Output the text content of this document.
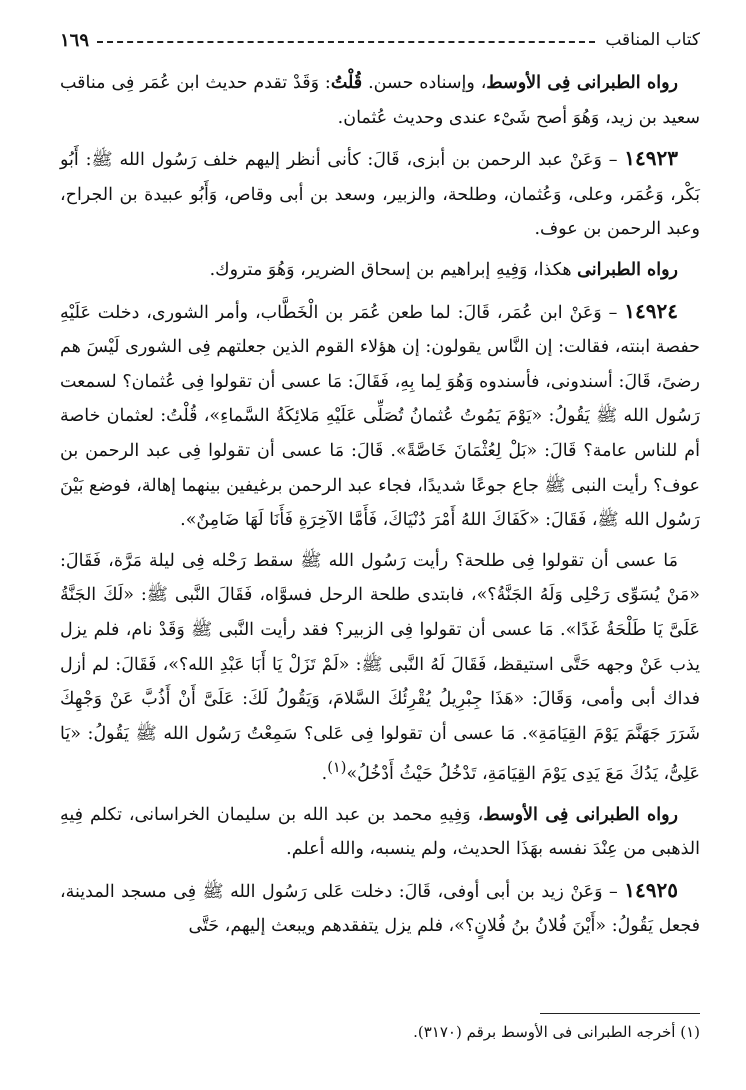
كتاب المناقب
١٦٩

رواه الطبرانى فِى الأوسط، وإسناده حسن. قُلْتُ: وَقَدْ تقدم حديث ابن عُمَر فِى مناقب سعيد بن زيد، وَهُوَ أصح شَىْء عندى وحديث عُثمان.

١٤٩٢٣ – وَعَنْ عبد الرحمن بن أبزى، قَالَ: كأنى أنظر إليهم خلف رَسُول الله ﷺ: أَبُو بَكْر، وَعُمَر، وعلى، وَعُثمان، وطلحة، والزبير، وسعد بن أبى وقاص، وَأَبُو عبيدة بن الجراح، وعبد الرحمن بن عوف.

رواه الطبرانى هكذا، وَفِيهِ إبراهيم بن إسحاق الضرير، وَهُوَ متروك.

١٤٩٢٤ – وَعَنْ ابن عُمَر، قَالَ: لما طعن عُمَر بن الْخَطَّاب، وأمر الشورى، دخلت عَلَيْهِ حفصة ابنته، فقالت: إن النَّاس يقولون: إن هؤلاء القوم الذين جعلتهم فِى الشورى لَيْسَ هم رضىً، قَالَ: أسندونى، فأسندوه وَهُوَ لِما بِهِ، فَقَالَ: مَا عسى أن تقولوا فِى عُثمان؟ لسمعت رَسُول الله ﷺ يَقُولُ: «يَوْمَ يَمُوتُ عُثمانُ تُصَلِّى عَلَيْهِ مَلائِكَةُ السَّماءِ»، قُلْتُ: لعثمان خاصة أم للناس عامة؟ قَالَ: «بَلْ لِعُثْمَانَ خَاصَّةً». قَالَ: مَا عسى أن تقولوا فِى عبد الرحمن بن عوف؟ رأيت النبى ﷺ جاع جوعًا شديدًا، فجاء عبد الرحمن برغيفين بينهما إهالة، فوضع بَيْنَ رَسُول الله ﷺ، فَقَالَ: «كَفَاكَ اللهُ أَمْرَ دُنْيَاكَ، فَأَمَّا الآخِرَةِ فَأَنَا لَهَا ضَامِنٌ».

مَا عسى أن تقولوا فِى طلحة؟ رأيت رَسُول الله ﷺ سقط رَحْله فِى ليلة مَرَّة، فَقَالَ: «مَنْ يُسَوِّى رَحْلِى وَلَهُ الجَنَّةُ؟»، فابتدى طلحة الرحل فسوَّاه، فَقَالَ النَّبى ﷺ: «لَكَ الجَنَّةُ عَلَىَّ يَا طَلْحَةُ غَدًا». مَا عسى أن تقولوا فِى الزبير؟ فقد رأيت النَّبى ﷺ وَقَدْ نام، فلم يزل يذب عَنْ وجهه حَتَّى استيقظ، فَقَالَ لَهُ النَّبى ﷺ: «لَمْ تَزَلْ يَا أَبَا عَبْدِ الله؟»، فَقَالَ: لم أزل فداك أبى وأمى، وَقَالَ: «هَذَا جِبْرِيلُ يُقْرِئُكَ السَّلامَ، وَيَقُولُ لَكَ: عَلَىَّ أَنْ أَذُبَّ عَنْ وَجْهِكَ شَرَرَ جَهَنَّمَ يَوْمَ القِيَامَةِ». مَا عسى أن تقولوا فِى عَلى؟ سَمِعْتُ رَسُول الله ﷺ يَقُولُ: «يَا عَلِىُّ، يَدُكَ مَعَ يَدِى يَوْمَ القِيَامَةِ، تَدْخُلُ حَيْثُ أَدْخُلُ»$^{(١)}$.

رواه الطبرانى فِى الأوسط، وَفِيهِ محمد بن عبد الله بن سليمان الخراسانى، تكلم فِيهِ الذهبى من عِنْدَ نفسه بهَذَا الحديث، ولم ينسبه، والله أعلم.

١٤٩٢٥ – وَعَنْ زيد بن أبى أوفى، قَالَ: دخلت عَلى رَسُول الله ﷺ فِى مسجد المدينة، فجعل يَقُولُ: «أَيْنَ فُلانُ بنُ فُلانٍ؟»، فلم يزل يتفقدهم ويبعث إليهم، حَتَّى

(١) أخرجه الطبرانى فى الأوسط برقم (٣١٧٠).
